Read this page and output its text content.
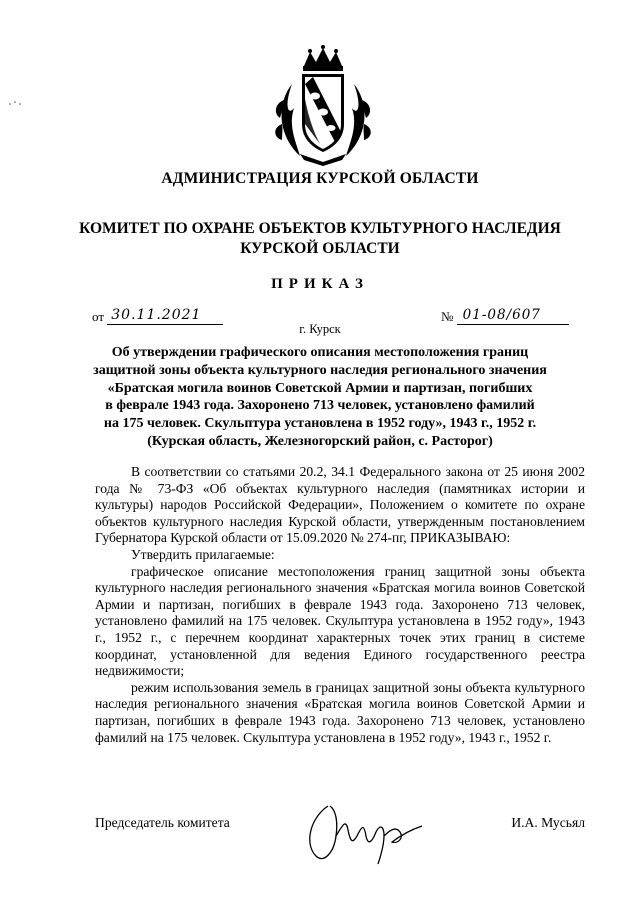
АДМИНИСТРАЦИЯ КУРСКОЙ ОБЛАСТИ
КОМИТЕТ ПО ОХРАНЕ ОБЪЕКТОВ КУЛЬТУРНОГО НАСЛЕДИЯ
КУРСКОЙ ОБЛАСТИ
ПРИКАЗ
от 30.11.2021	№ 01-08/607
г. Курск
Об утверждении графического описания местоположения границ
защитной зоны объекта культурного наследия регионального значения
«Братская могила воинов Советской Армии и партизан, погибших
в феврале 1943 года. Захоронено 713 человек, установлено фамилий
на 175 человек. Скульптура установлена в 1952 году», 1943 г., 1952 г.
(Курская область, Железногорский район, с. Расторог)

В соответствии со статьями 20.2, 34.1 Федерального закона от 25 июня 2002 года № 73-ФЗ «Об объектах культурного наследия (памятниках истории и культуры) народов Российской Федерации», Положением о комитете по охране объектов культурного наследия Курской области, утвержденным постановлением Губернатора Курской области от 15.09.2020 № 274-пг, ПРИКАЗЫВАЮ:

Утвердить прилагаемые:

графическое описание местоположения границ защитной зоны объекта культурного наследия регионального значения «Братская могила воинов Советской Армии и партизан, погибших в феврале 1943 года. Захоронено 713 человек, установлено фамилий на 175 человек. Скульптура установлена в 1952 году», 1943 г., 1952 г., с перечнем координат характерных точек этих границ в системе координат, установленной для ведения Единого государственного реестра недвижимости;

режим использования земель в границах защитной зоны объекта культурного наследия регионального значения «Братская могила воинов Советской Армии и партизан, погибших в феврале 1943 года. Захоронено 713 человек, установлено фамилий на 175 человек. Скульптура установлена в 1952 году», 1943 г., 1952 г.

Председатель комитета	И.А. Мусьял
